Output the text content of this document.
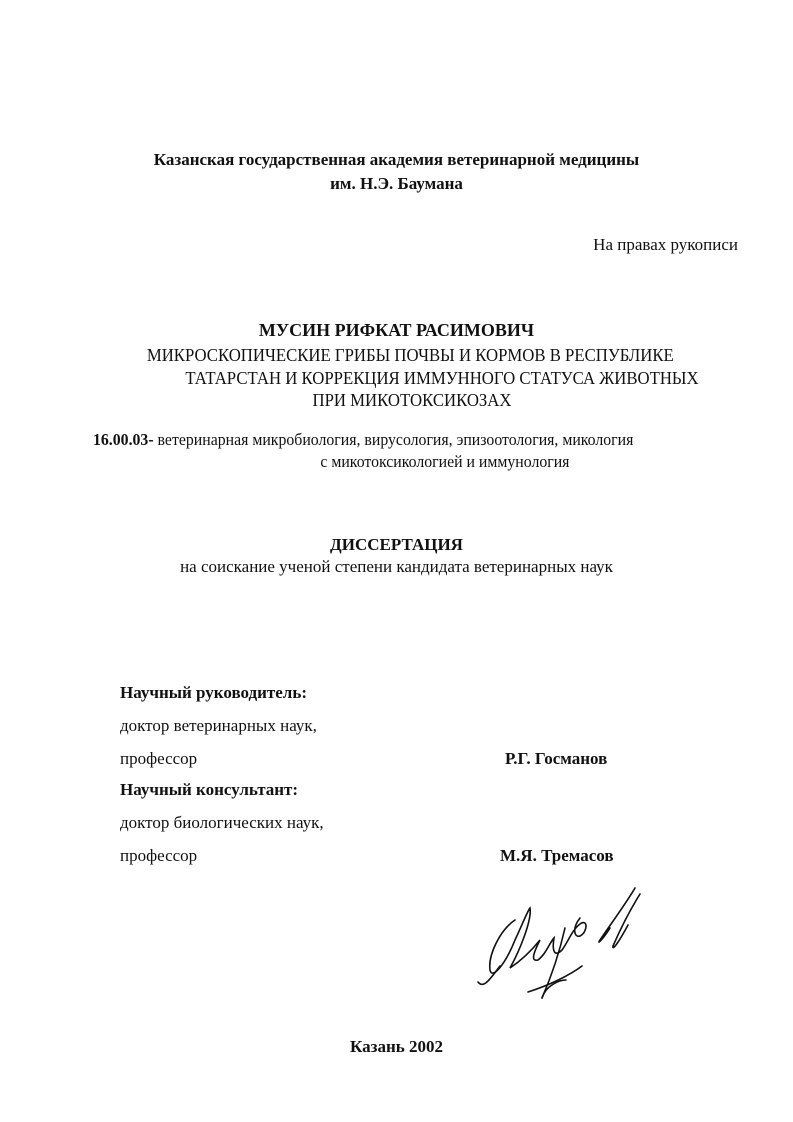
Казанская государственная академия ветеринарной медицины
им. Н.Э. Баумана
На правах рукописи
МУСИН РИФКАТ РАСИМОВИЧ
МИКРОСКОПИЧЕСКИЕ ГРИБЫ ПОЧВЫ И КОРМОВ В РЕСПУБЛИКЕ
ТАТАРСТАН И КОРРЕКЦИЯ ИММУННОГО СТАТУСА ЖИВОТНЫХ
ПРИ МИКОТОКСИКОЗАХ
16.00.03- ветеринарная микробиология, вирусология, эпизоотология, микология
с микотоксикологией и иммунология
ДИССЕРТАЦИЯ
на соискание ученой степени кандидата ветеринарных наук
Научный руководитель:
доктор ветеринарных наук,
профессор	Р.Г. Госманов
Научный консультант:
доктор биологических наук,
профессор	М.Я. Тремасов
Казань 2002
